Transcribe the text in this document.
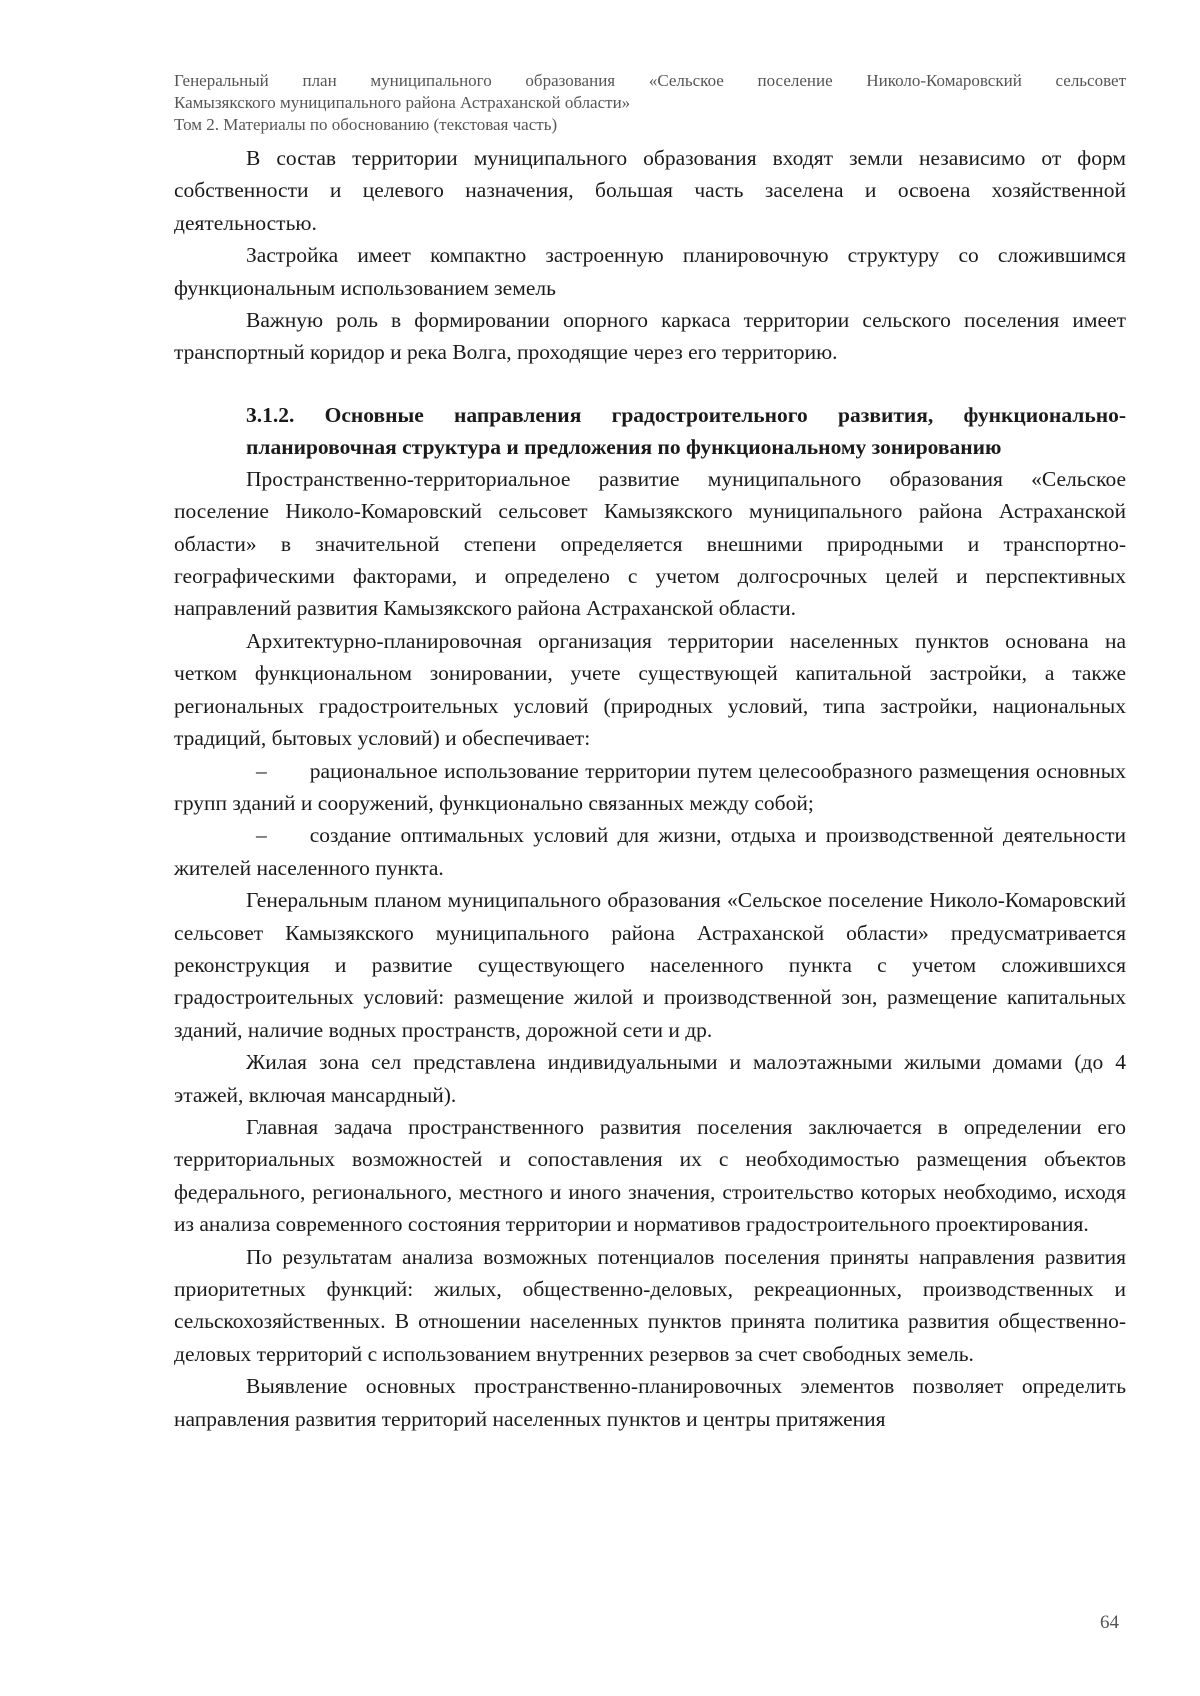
Генеральный план муниципального образования «Сельское поселение Николо-Комаровский сельсовет
Камызякского муниципального района Астраханской области»
Том 2. Материалы по обоснованию (текстовая часть)

В состав территории муниципального образования входят земли независимо от форм собственности и целевого назначения, большая часть заселена и освоена хозяйственной деятельностью.

Застройка имеет компактно застроенную планировочную структуру со сложившимся функциональным использованием земель

Важную роль в формировании опорного каркаса территории сельского поселения имеет транспортный коридор и река Волга, проходящие через его территорию.

3.1.2. Основные направления градостроительного развития, функционально-
планировочная структура и предложения по функциональному зонированию

Пространственно-территориальное развитие муниципального образования «Сельское поселение Николо-Комаровский сельсовет Камызякского муниципального района Астраханской области» в значительной степени определяется внешними природными и транспортно-географическими факторами, и определено с учетом долгосрочных целей и перспективных направлений развития Камызякского района Астраханской области.

Архитектурно-планировочная организация территории населенных пунктов основана на четком функциональном зонировании, учете существующей капитальной застройки, а также региональных градостроительных условий (природных условий, типа застройки, национальных традиций, бытовых условий) и обеспечивает:

–  рациональное использование территории путем целесообразного размещения основных групп зданий и сооружений, функционально связанных между собой;

–  создание оптимальных условий для жизни, отдыха и производственной деятельности жителей населенного пункта.

Генеральным планом муниципального образования «Сельское поселение Николо-Комаровский сельсовет Камызякского муниципального района Астраханской области» предусматривается реконструкция и развитие существующего населенного пункта с учетом сложившихся градостроительных условий: размещение жилой и производственной зон, размещение капитальных зданий, наличие водных пространств, дорожной сети и др.

Жилая зона сел представлена индивидуальными и малоэтажными жилыми домами (до 4 этажей, включая мансардный).

Главная задача пространственного развития поселения заключается в определении его территориальных возможностей и сопоставления их с необходимостью размещения объектов федерального, регионального, местного и иного значения, строительство которых необходимо, исходя из анализа современного состояния территории и нормативов градостроительного проектирования.

По результатам анализа возможных потенциалов поселения приняты направления развития приоритетных функций: жилых, общественно-деловых, рекреационных, производственных и сельскохозяйственных. В отношении населенных пунктов принята политика развития общественно-деловых территорий с использованием внутренних резервов за счет свободных земель.

Выявление основных пространственно-планировочных элементов позволяет определить направления развития территорий населенных пунктов и центры притяжения

64
